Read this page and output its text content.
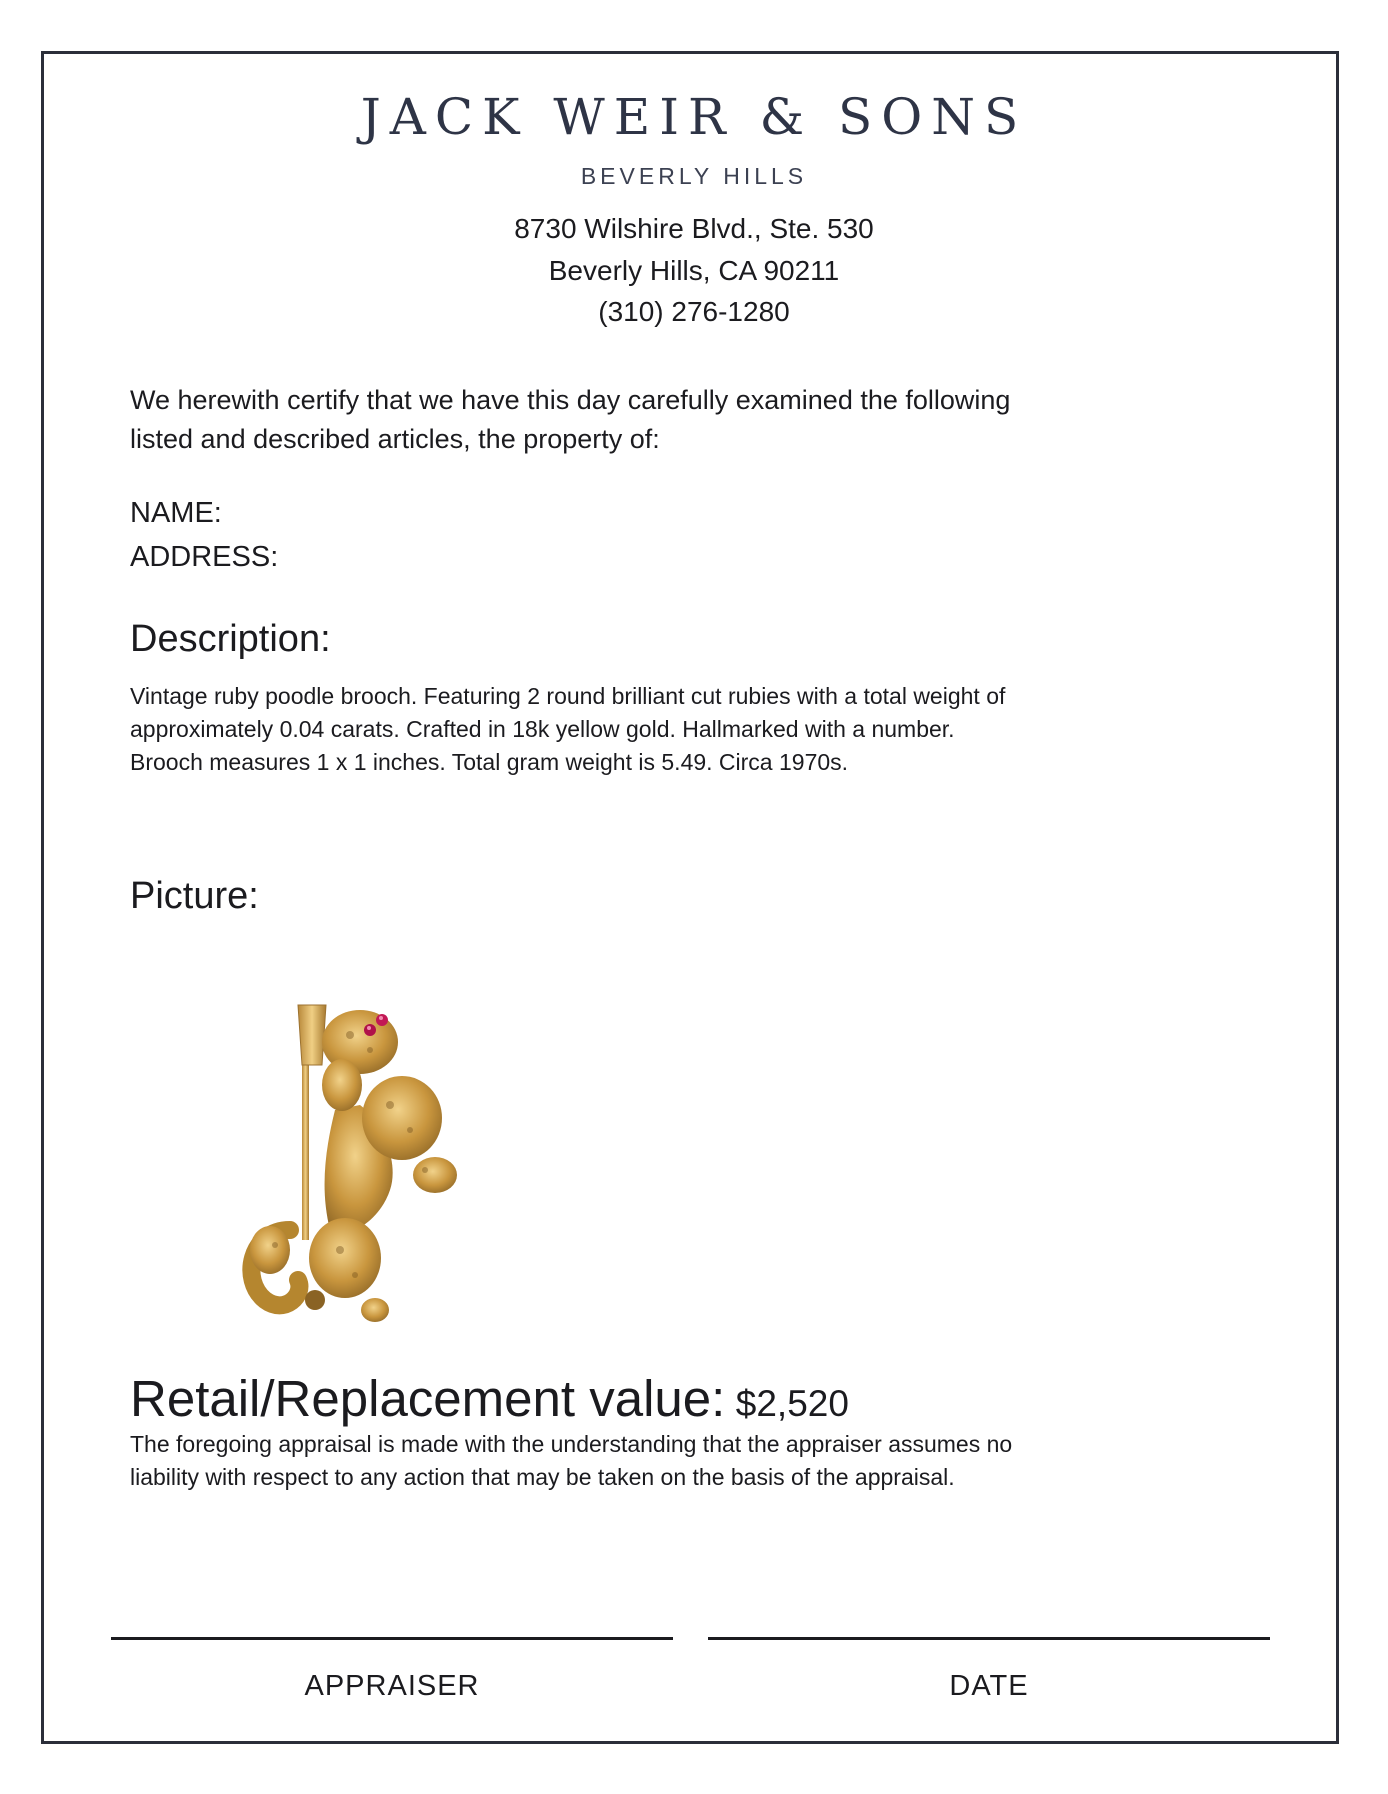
JACK WEIR & SONS
BEVERLY HILLS
8730 Wilshire Blvd., Ste. 530
Beverly Hills, CA 90211
(310) 276-1280
We herewith certify that we have this day carefully examined the following
listed and described articles, the property of:
NAME:
ADDRESS:
Description:
Vintage ruby poodle brooch. Featuring 2 round brilliant cut rubies with a total weight of
approximately 0.04 carats. Crafted in 18k yellow gold. Hallmarked with a number.
Brooch measures 1 x 1 inches. Total gram weight is 5.49. Circa 1970s.
Picture:
Retail/Replacement value: $2,520
The foregoing appraisal is made with the understanding that the appraiser assumes no
liability with respect to any action that may be taken on the basis of the appraisal.
APPRAISER	DATE
